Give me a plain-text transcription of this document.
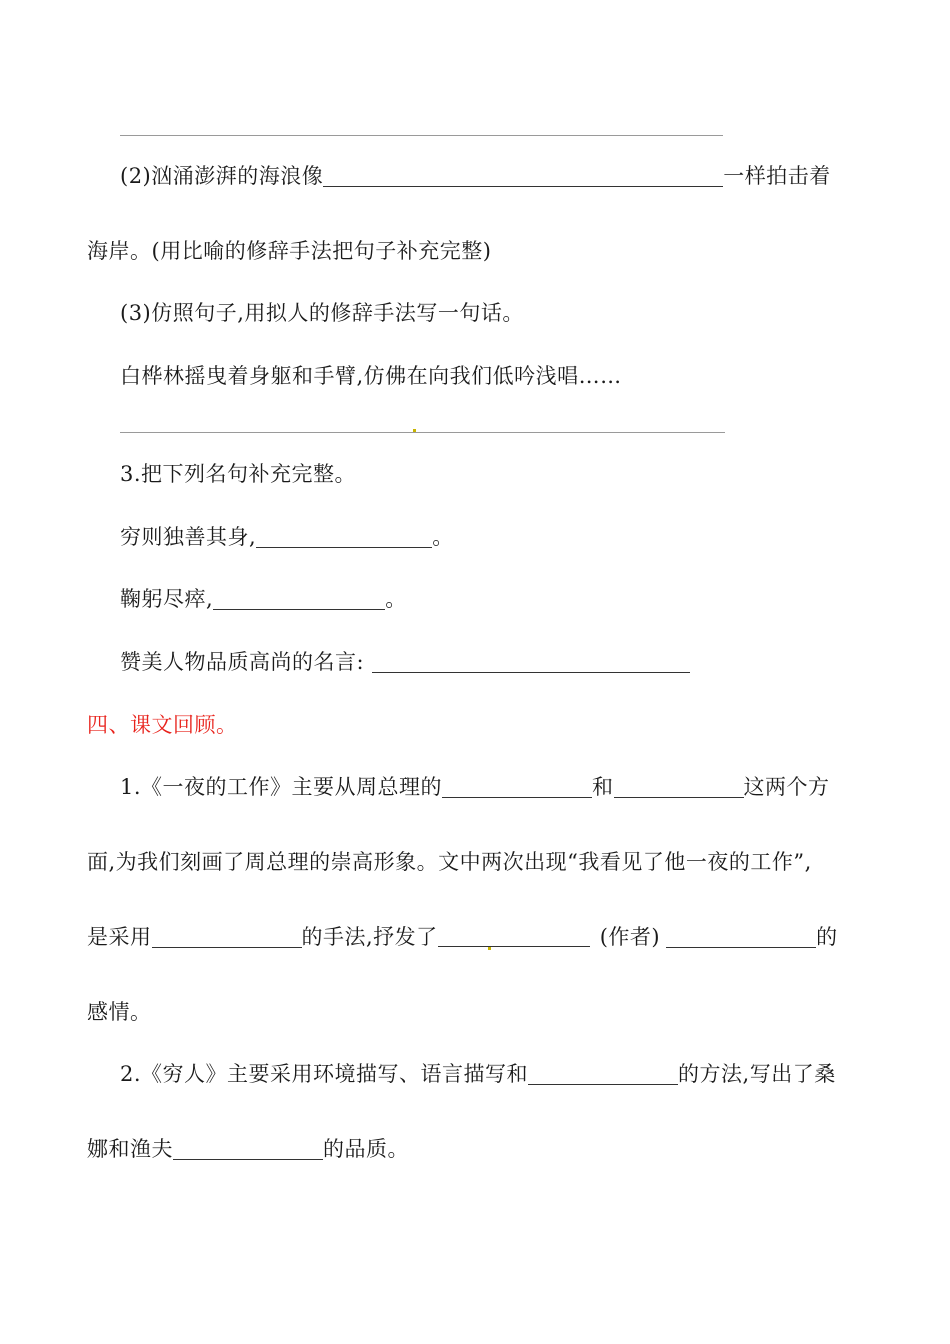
(2)汹涌澎湃的海浪像	一样拍击着
海岸。(用比喻的修辞手法把句子补充完整)
(3)仿照句子,用拟人的修辞手法写一句话。
白桦林摇曳着身躯和手臂,仿佛在向我们低吟浅唱……
3.把下列名句补充完整。
穷则独善其身,	。
鞠躬尽瘁,	。
赞美人物品质高尚的名言:
四、课文回顾。
1.《一夜的工作》主要从周总理的	和	这两个方
面,为我们刻画了周总理的崇高形象。文中两次出现“我看见了他一夜的工作”,
是采用	的手法,抒发了	(作者)	的
感情。
2.《穷人》主要采用环境描写、语言描写和	的方法,写出了桑
娜和渔夫	的品质。
